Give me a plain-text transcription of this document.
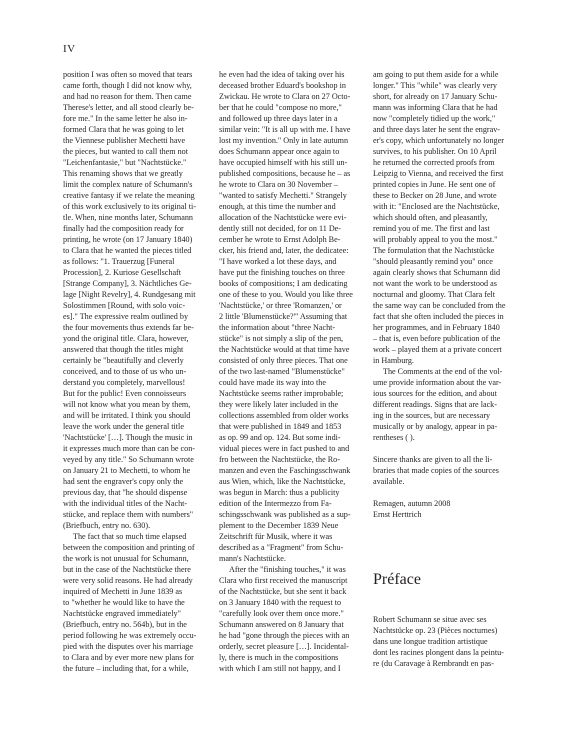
IV

position I was often so moved that tears
came forth, though I did not know why,
and had no reason for them. Then came
Therese's letter, and all stood clearly be-
fore me." In the same letter he also in-
formed Clara that he was going to let
the Viennese publisher Mechetti have
the pieces, but wanted to call them not
"Leichenfantasie," but "Nachtstücke."
This renaming shows that we greatly
limit the complex nature of Schumann's
creative fantasy if we relate the meaning
of this work exclusively to its original ti-
tle. When, nine months later, Schumann
finally had the composition ready for
printing, he wrote (on 17 January 1840)
to Clara that he wanted the pieces titled
as follows: "1. Trauerzug [Funeral
Procession], 2. Kuriose Gesellschaft
[Strange Company], 3. Nächtliches Ge-
lage [Night Revelry], 4. Rundgesang mit
Solostimmen [Round, with solo voic-
es]." The expressive realm outlined by
the four movements thus extends far be-
yond the original title. Clara, however,
answered that though the titles might
certainly be "beautifully and cleverly
conceived, and to those of us who un-
derstand you completely, marvellous!
But for the public! Even connoisseurs
will not know what you mean by them,
and will be irritated. I think you should
leave the work under the general title
'Nachtstücke' […]. Though the music in
it expresses much more than can be con-
veyed by any title." So Schumann wrote
on January 21 to Mechetti, to whom he
had sent the engraver's copy only the
previous day, that "he should dispense
with the individual titles of the Nacht-
stücke, and replace them with numbers"
(Briefbuch, entry no. 630).

The fact that so much time elapsed
between the composition and printing of
the work is not unusual for Schumann,
but in the case of the Nachtstücke there
were very solid reasons. He had already
inquired of Mechetti in June 1839 as
to "whether he would like to have the
Nachtstücke engraved immediately"
(Briefbuch, entry no. 564b), but in the
period following he was extremely occu-
pied with the disputes over his marriage
to Clara and by ever more new plans for
the future – including that, for a while,

he even had the idea of taking over his
deceased brother Eduard's bookshop in
Zwickau. He wrote to Clara on 27 Octo-
ber that he could "compose no more,"
and followed up three days later in a
similar vein: "It is all up with me. I have
lost my invention." Only in late autumn
does Schumann appear once again to
have occupied himself with his still un-
published compositions, because he – as
he wrote to Clara on 30 November –
"wanted to satisfy Mechetti." Strangely
enough, at this time the number and
allocation of the Nachtstücke were evi-
dently still not decided, for on 11 De-
cember he wrote to Ernst Adolph Be-
cker, his friend and, later, the dedicatee:
"I have worked a lot these days, and
have put the finishing touches on three
books of compositions; I am dedicating
one of these to you. Would you like three
'Nachtstücke,' or three 'Romanzen,' or
2 little 'Blumenstücke?'" Assuming that
the information about "three Nacht-
stücke" is not simply a slip of the pen,
the Nachtstücke would at that time have
consisted of only three pieces. That one
of the two last-named "Blumenstücke"
could have made its way into the
Nachtstücke seems rather improbable;
they were likely later included in the
collections assembled from older works
that were published in 1849 and 1853
as op. 99 and op. 124. But some indi-
vidual pieces were in fact pushed to and
fro between the Nachtstücke, the Ro-
manzen and even the Faschingsschwank
aus Wien, which, like the Nachtstücke,
was begun in March: thus a publicity
edition of the Intermezzo from Fa-
schingsschwank was published as a sup-
plement to the December 1839 Neue
Zeitschrift für Musik, where it was
described as a "Fragment" from Schu-
mann's Nachtstücke.

After the "finishing touches," it was
Clara who first received the manuscript
of the Nachtstücke, but she sent it back
on 3 January 1840 with the request to
"carefully look over them once more."
Schumann answered on 8 January that
he had "gone through the pieces with an
orderly, secret pleasure […]. Incidental-
ly, there is much in the compositions
with which I am still not happy, and I

am going to put them aside for a while
longer." This "while" was clearly very
short, for already on 17 January Schu-
mann was informing Clara that he had
now "completely tidied up the work,"
and three days later he sent the engrav-
er's copy, which unfortunately no longer
survives, to his publisher. On 10 April
he returned the corrected proofs from
Leipzig to Vienna, and received the first
printed copies in June. He sent one of
these to Becker on 28 June, and wrote
with it: "Enclosed are the Nachtstücke,
which should often, and pleasantly,
remind you of me. The first and last
will probably appeal to you the most."
The formulation that the Nachtstücke
"should pleasantly remind you" once
again clearly shows that Schumann did
not want the work to be understood as
nocturnal and gloomy. That Clara felt
the same way can be concluded from the
fact that she often included the pieces in
her programmes, and in February 1840
– that is, even before publication of the
work – played them at a private concert
in Hamburg.

The Comments at the end of the vol-
ume provide information about the var-
ious sources for the edition, and about
different readings. Signs that are lack-
ing in the sources, but are necessary
musically or by analogy, appear in pa-
rentheses ( ).

Sincere thanks are given to all the li-
braries that made copies of the sources
available.

Remagen, autumn 2008
Ernst Herttrich

Préface

Robert Schumann se situe avec ses
Nachtstücke op. 23 (Pièces nocturnes)
dans une longue tradition artistique
dont les racines plongent dans la peintu-
re (du Caravage à Rembrandt en pas-
